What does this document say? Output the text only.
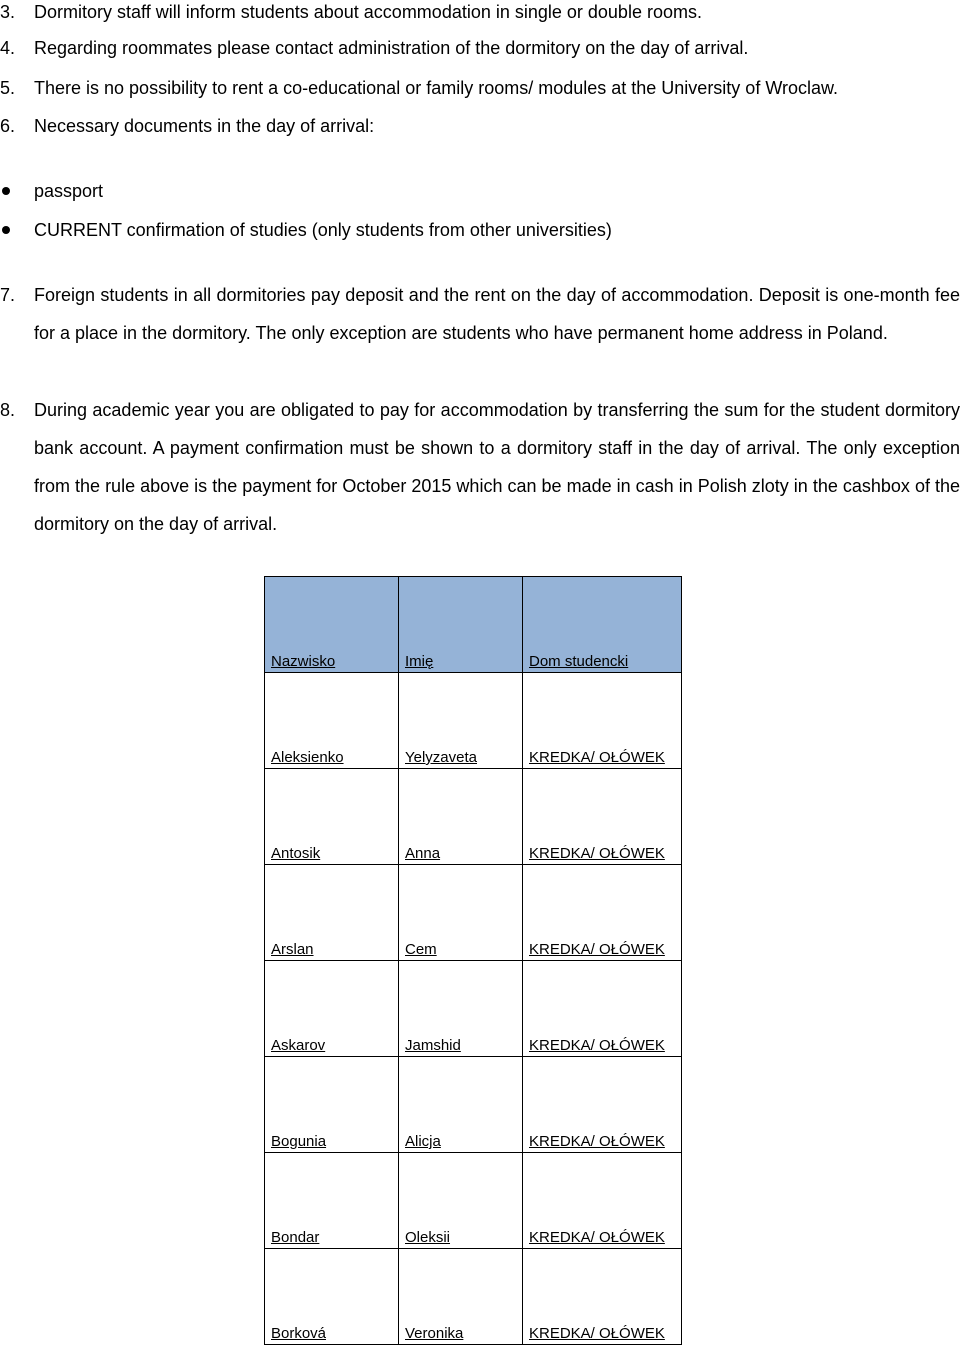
3.	Dormitory staff will inform students about accommodation in single or double rooms.
4.	Regarding roommates please contact administration of the dormitory on the day of arrival.
5.	There is no possibility to rent a co-educational or family rooms/ modules at the University of Wroclaw.
6.	Necessary documents in the day of arrival:
passport
CURRENT confirmation of studies (only students from other universities)
7.	Foreign students in all dormitories pay deposit and the rent on the day of accommodation. Deposit is one-month fee for a place in the dormitory. The only exception are students who have permanent home address in Poland.
8.	During academic year you are obligated to pay for accommodation by transferring the sum for the student dormitory bank account. A payment confirmation must be shown to a dormitory staff in the day of arrival. The only exception from the rule above is the payment for October 2015 which can be made in cash in Polish zloty in the cashbox of the dormitory on the day of arrival.
Nazwisko	Imię	Dom studencki
Aleksienko	Yelyzaveta	KREDKA/ OŁÓWEK
Antosik	Anna	KREDKA/ OŁÓWEK
Arslan	Cem	KREDKA/ OŁÓWEK
Askarov	Jamshid	KREDKA/ OŁÓWEK
Bogunia	Alicja	KREDKA/ OŁÓWEK
Bondar	Oleksii	KREDKA/ OŁÓWEK
Borková	Veronika	KREDKA/ OŁÓWEK
